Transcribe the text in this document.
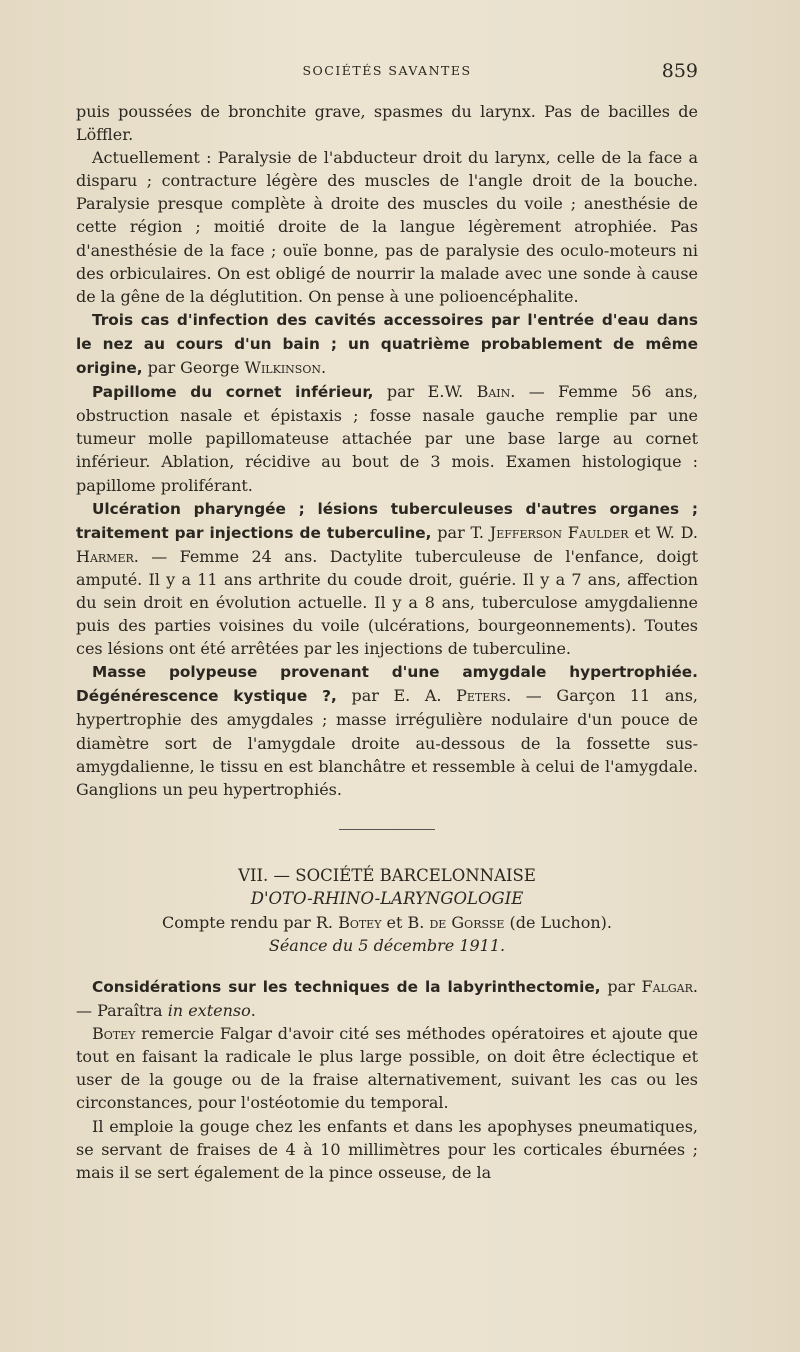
SOCIÉTÉS SAVANTES	859

puis poussées de bronchite grave, spasmes du larynx. Pas de bacilles de Löffler.

Actuellement : Paralysie de l'abducteur droit du larynx, celle de la face a disparu ; contracture légère des muscles de l'angle droit de la bouche. Paralysie presque complète à droite des muscles du voile ; anesthésie de cette région ; moitié droite de la langue légèrement atrophiée. Pas d'anesthésie de la face ; ouïe bonne, pas de paralysie des oculo-moteurs ni des orbiculaires. On est obligé de nourrir la malade avec une sonde à cause de la gêne de la déglutition. On pense à une polioencéphalite.

Trois cas d'infection des cavités accessoires par l'entrée d'eau dans le nez au cours d'un bain ; un quatrième probablement de même origine, par George Wilkinson.

Papillome du cornet inférieur, par E.W. Bain. — Femme 56 ans, obstruction nasale et épistaxis ; fosse nasale gauche remplie par une tumeur molle papillomateuse attachée par une base large au cornet inférieur. Ablation, récidive au bout de 3 mois. Examen histologique : papillome proliférant.

Ulcération pharyngée ; lésions tuberculeuses d'autres organes ; traitement par injections de tuberculine, par T. Jefferson Faulder et W. D. Harmer. — Femme 24 ans. Dactylite tuberculeuse de l'enfance, doigt amputé. Il y a 11 ans arthrite du coude droit, guérie. Il y a 7 ans, affection du sein droit en évolution actuelle. Il y a 8 ans, tuberculose amygdalienne puis des parties voisines du voile (ulcérations, bourgeonnements). Toutes ces lésions ont été arrêtées par les injections de tuberculine.

Masse polypeuse provenant d'une amygdale hypertrophiée. Dégénérescence kystique ?, par E. A. Peters. — Garçon 11 ans, hypertrophie des amygdales ; masse irrégulière nodulaire d'un pouce de diamètre sort de l'amygdale droite au-dessous de la fossette sus-amygdalienne, le tissu en est blanchâtre et ressemble à celui de l'amygdale. Ganglions un peu hypertrophiés.

VII. — SOCIÉTÉ BARCELONNAISE
D'OTO-RHINO-LARYNGOLOGIE
Compte rendu par R. Botey et B. de Gorsse (de Luchon).
Séance du 5 décembre 1911.

Considérations sur les techniques de la labyrinthectomie, par Falgar. — Paraîtra in extenso.

Botey remercie Falgar d'avoir cité ses méthodes opératoires et ajoute que tout en faisant la radicale le plus large possible, on doit être éclectique et user de la gouge ou de la fraise alternativement, suivant les cas ou les circonstances, pour l'ostéotomie du temporal.

Il emploie la gouge chez les enfants et dans les apophyses pneumatiques, se servant de fraises de 4 à 10 millimètres pour les corticales éburnées ; mais il se sert également de la pince osseuse, de la
